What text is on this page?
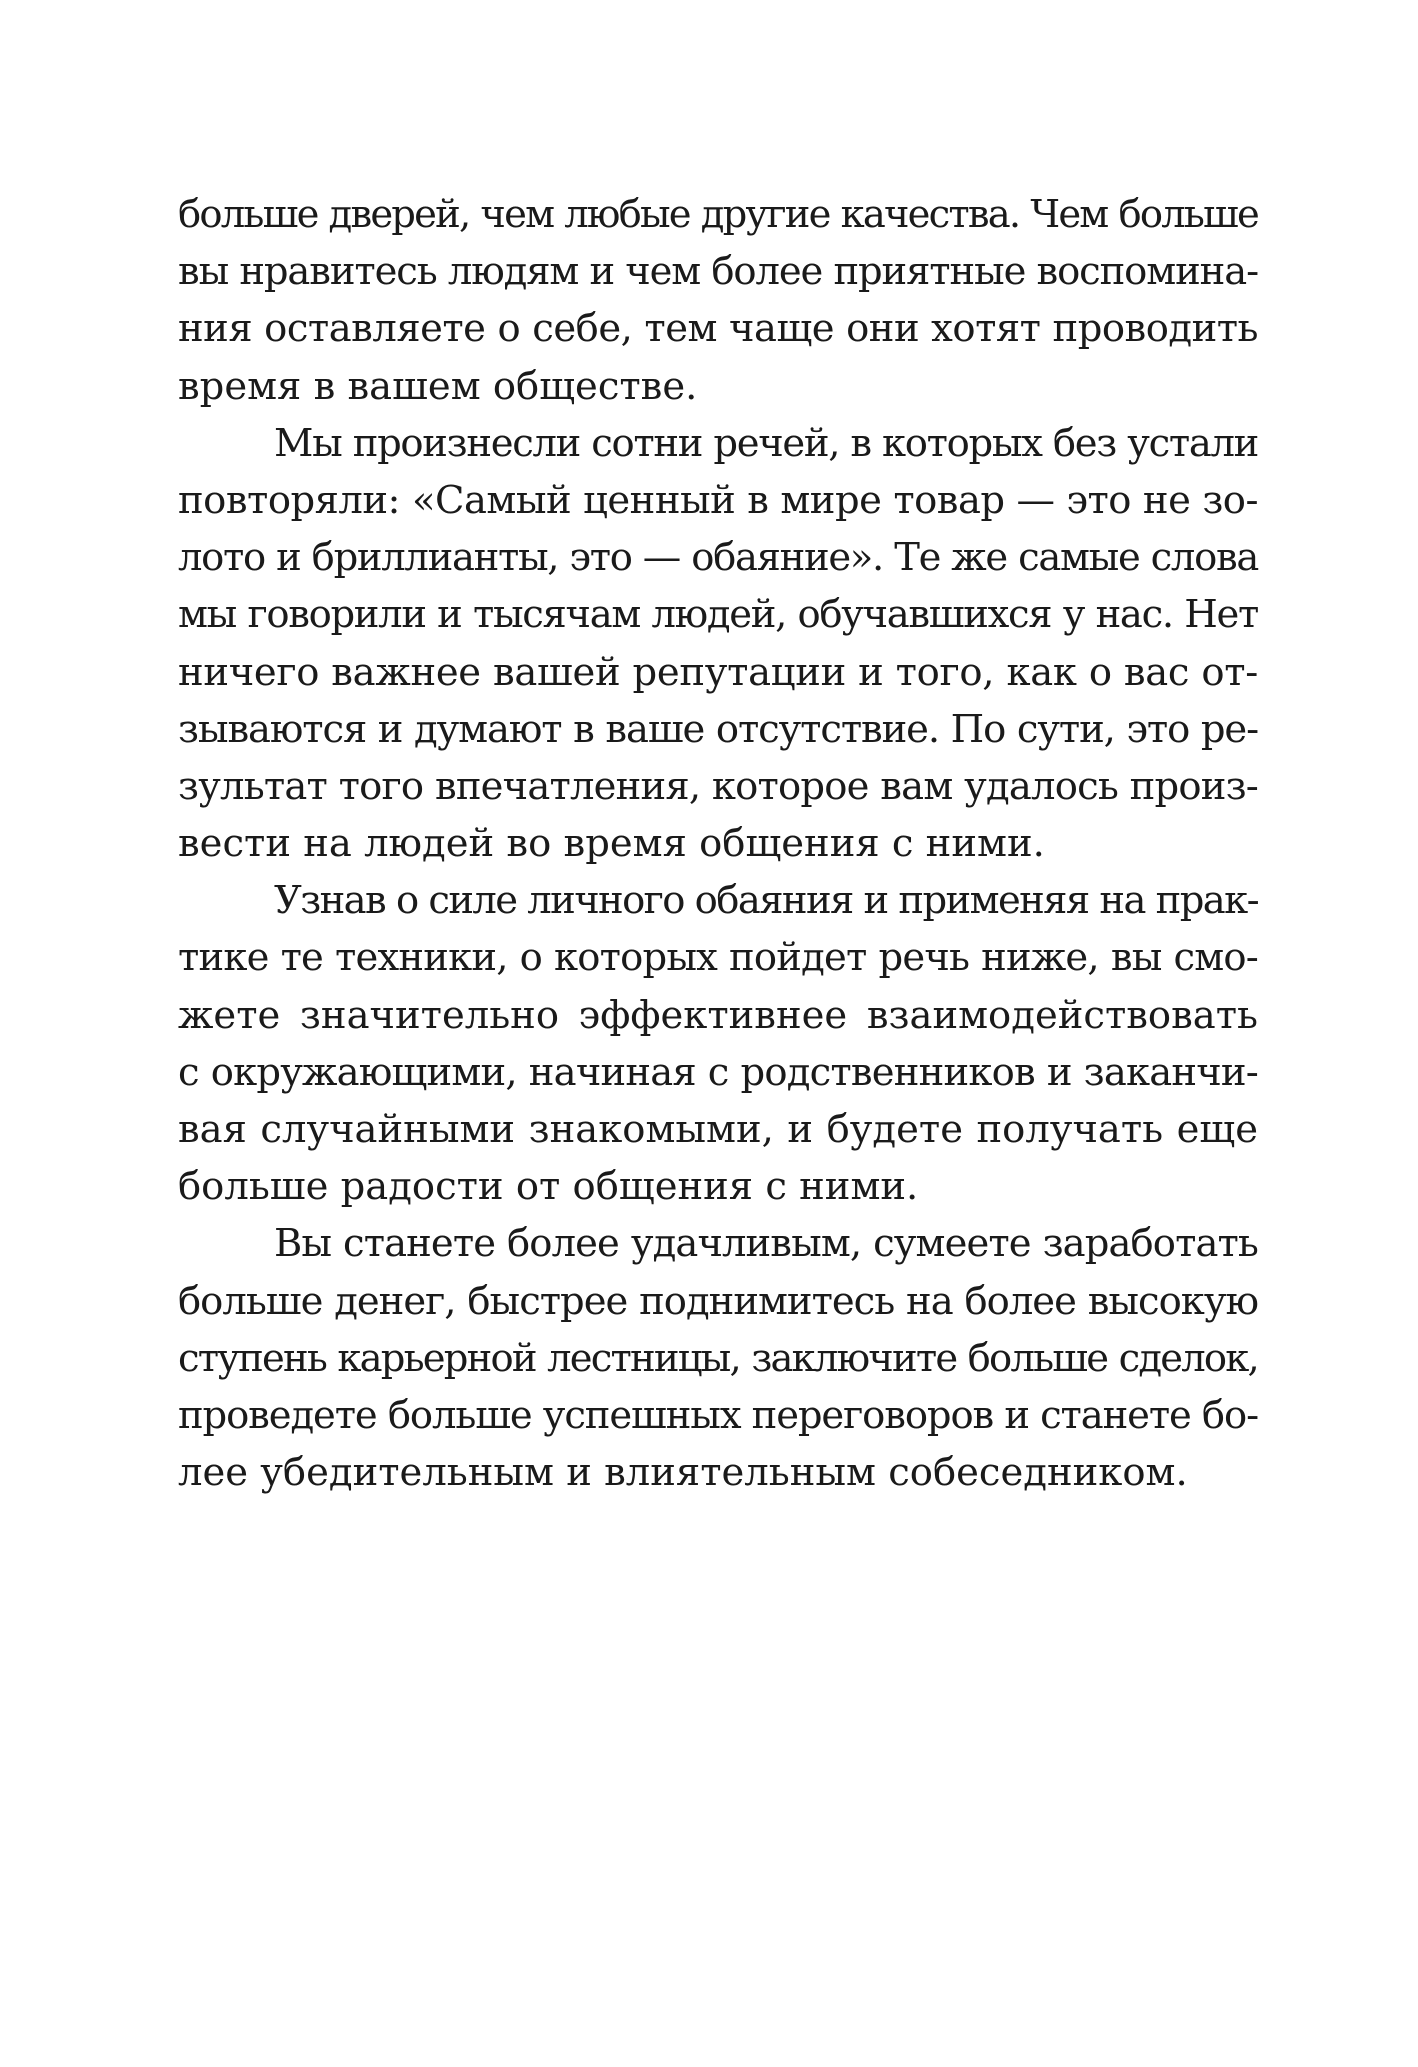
больше дверей, чем любые другие качества. Чем больше
вы нравитесь людям и чем более приятные воспомина-
ния оставляете о себе, тем чаще они хотят проводить
время в вашем обществе.
Мы произнесли сотни речей, в которых без устали
повторяли: «Самый ценный в мире товар — это не зо-
лото и бриллианты, это — обаяние». Те же самые слова
мы говорили и тысячам людей, обучавшихся у нас. Нет
ничего важнее вашей репутации и того, как о вас от-
зываются и думают в ваше отсутствие. По сути, это ре-
зультат того впечатления, которое вам удалось произ-
вести на людей во время общения с ними.
Узнав о силе личного обаяния и применяя на прак-
тике те техники, о которых пойдет речь ниже, вы смо-
жете значительно эффективнее взаимодействовать
с окружающими, начиная с родственников и заканчи-
вая случайными знакомыми, и будете получать еще
больше радости от общения с ними.
Вы станете более удачливым, сумеете заработать
больше денег, быстрее поднимитесь на более высокую
ступень карьерной лестницы, заключите больше сделок,
проведете больше успешных переговоров и станете бо-
лее убедительным и влиятельным собеседником.
